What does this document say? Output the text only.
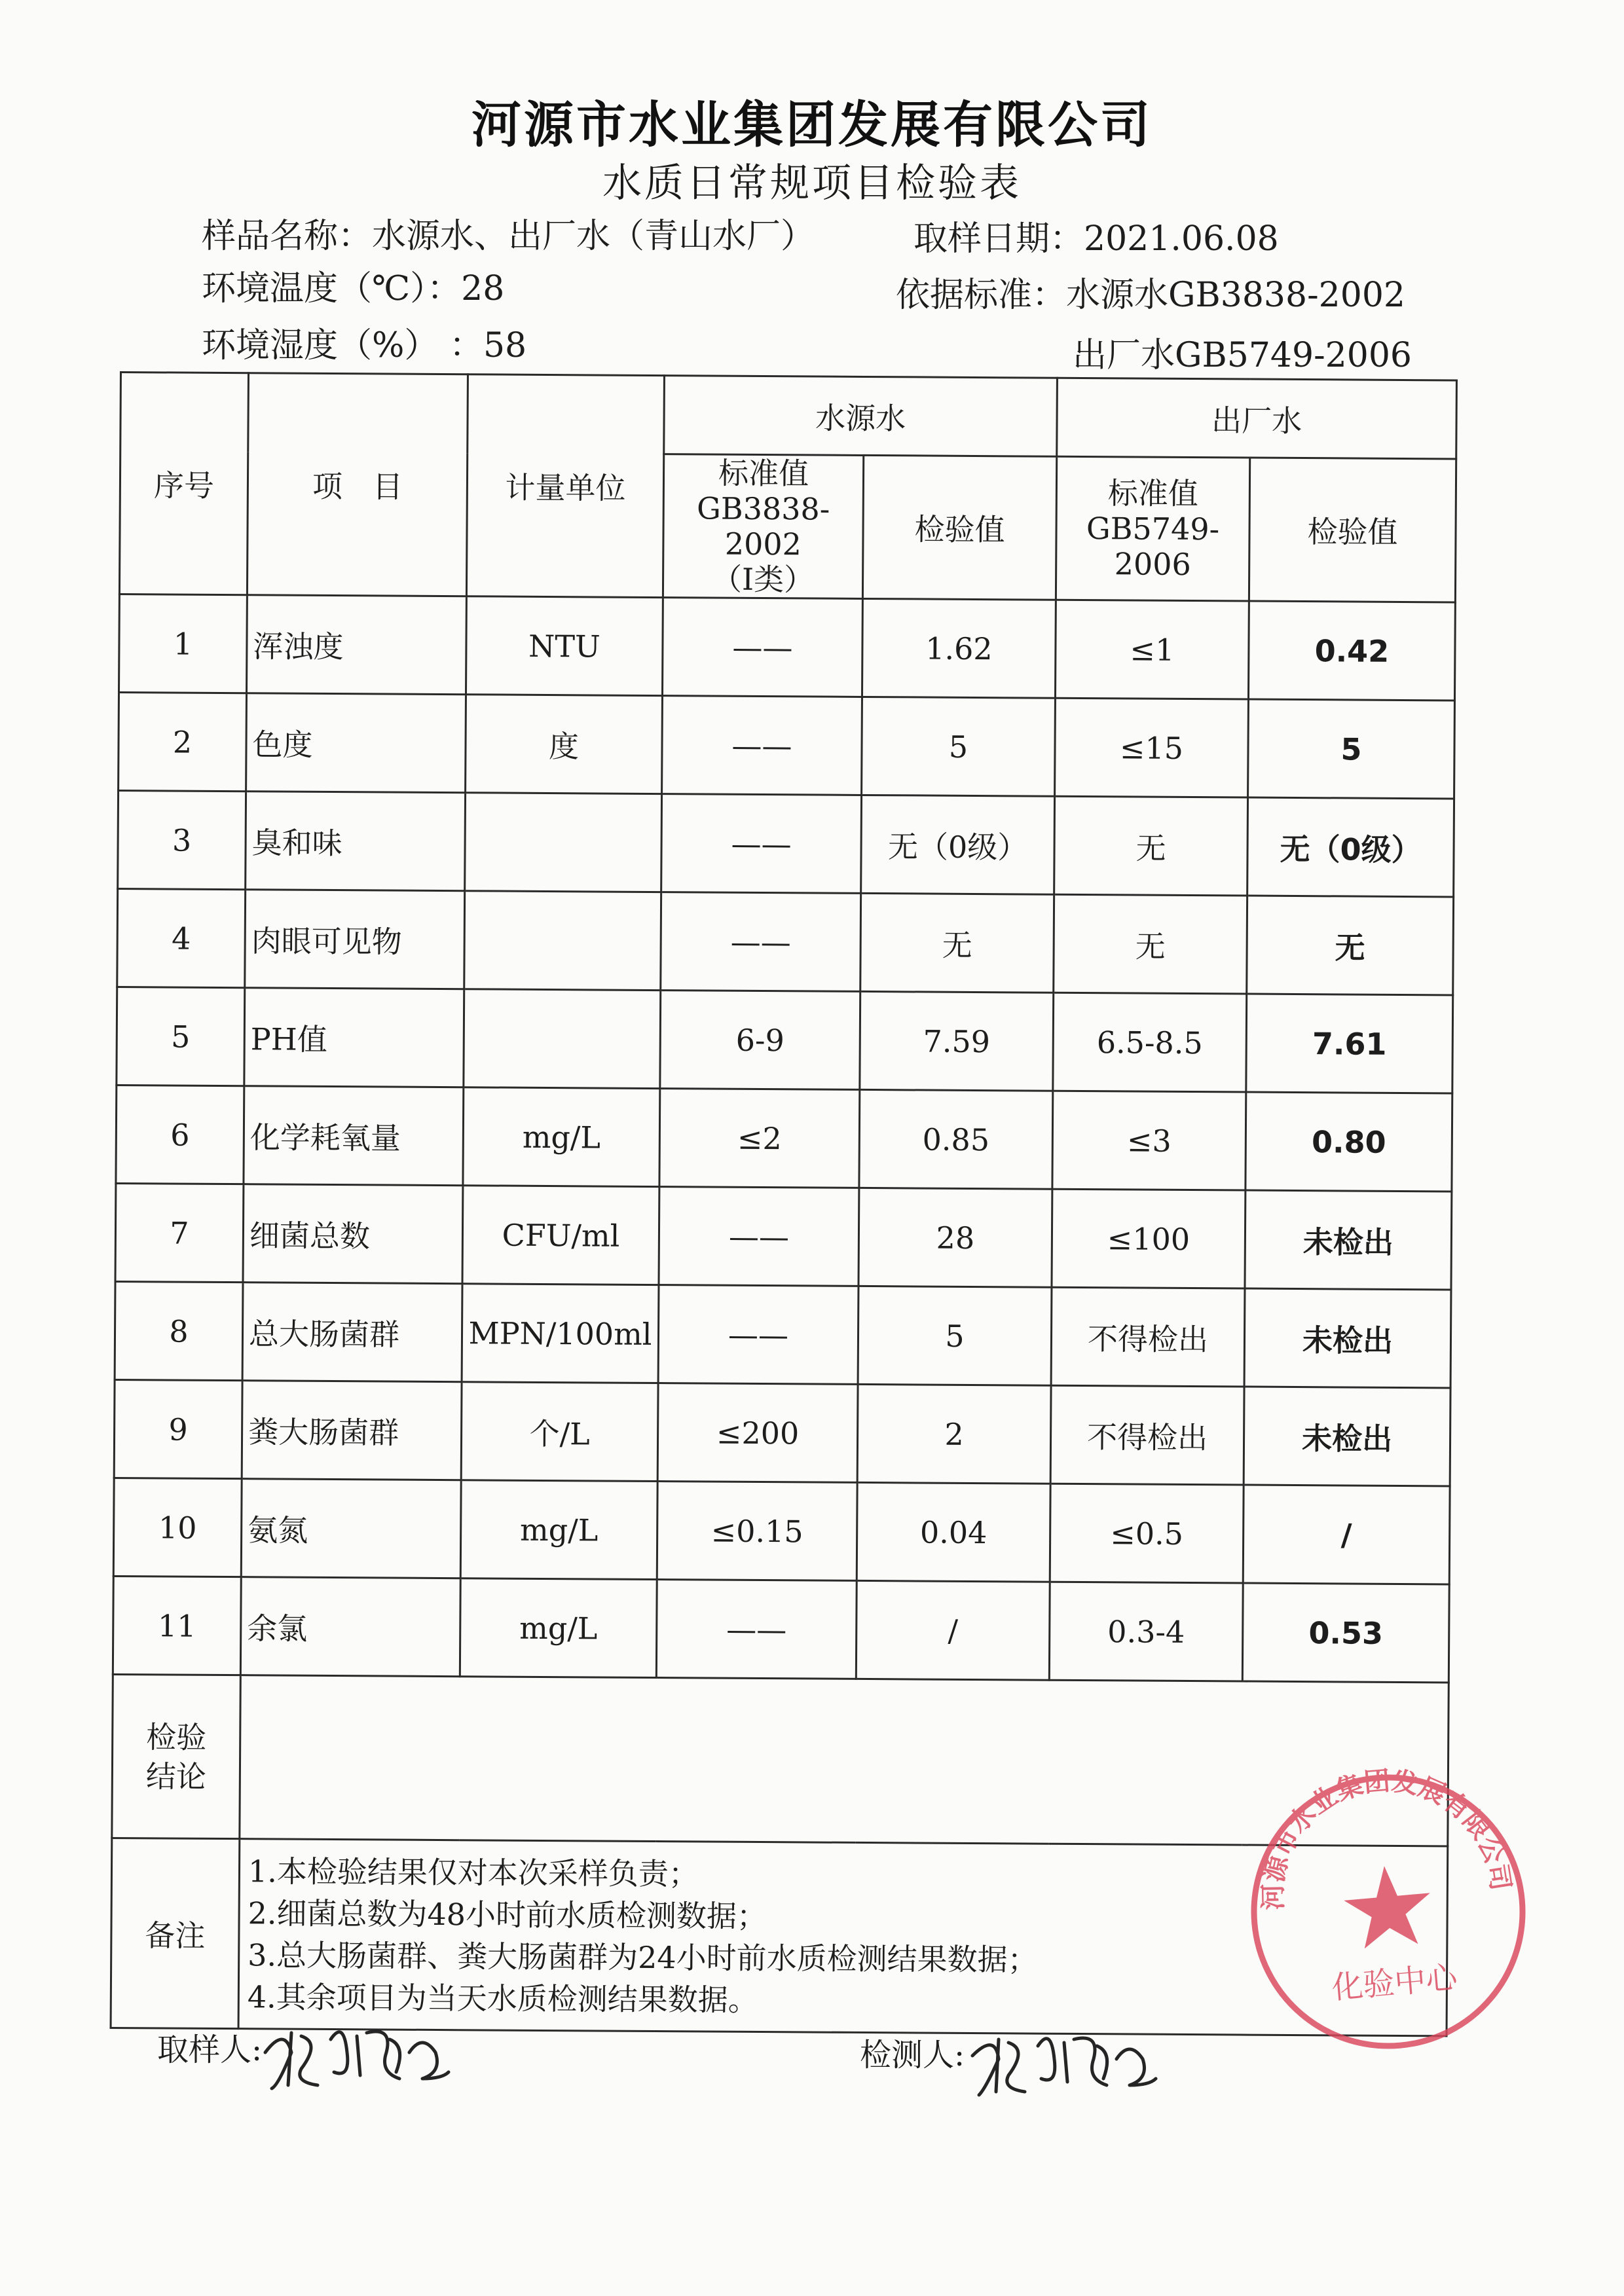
河源市水业集团发展有限公司
水质日常规项目检验表
样品名称：水源水、出厂水（青山水厂）	取样日期：2021.06.08
环境温度（℃）：28	依据标准：水源水GB3838-2002
环境湿度（%） ：58	出厂水GB5749-2006
序号	项　目	计量单位	水源水		出厂水	

			标准值
GB3838-2002
（Ⅰ类）	检验值	标准值
GB5749-2006	检验值
1	浑浊度	NTU	——	1.62	≤1	0.42
2	色度	度	——	5	≤15	5
3	臭和味		——	无（0级）	无	无（0级）
4	肉眼可见物		——	无	无	无
5	PH值		6-9	7.59	6.5-8.5	7.61
6	化学耗氧量	mg/L	≤2	0.85	≤3	0.80
7	细菌总数	CFU/ml	——	28	≤100	未检出
8	总大肠菌群	MPN/100ml	——	5	不得检出	未检出
9	粪大肠菌群	个/L	≤200	2	不得检出	未检出
10	氨氮	mg/L	≤0.15	0.04	≤0.5	/
11	余氯	mg/L	——	/	0.3-4	0.53

检验
结论						

备注	1.本检验结果仅对本次采样负责；
2.细菌总数为48小时前水质检测数据；
3.总大肠菌群、粪大肠菌群为24小时前水质检测结果数据；
4.其余项目为当天水质检测结果数据。					
河源市水业集团发展有限公司
化验中心
取样人:	检测人:
